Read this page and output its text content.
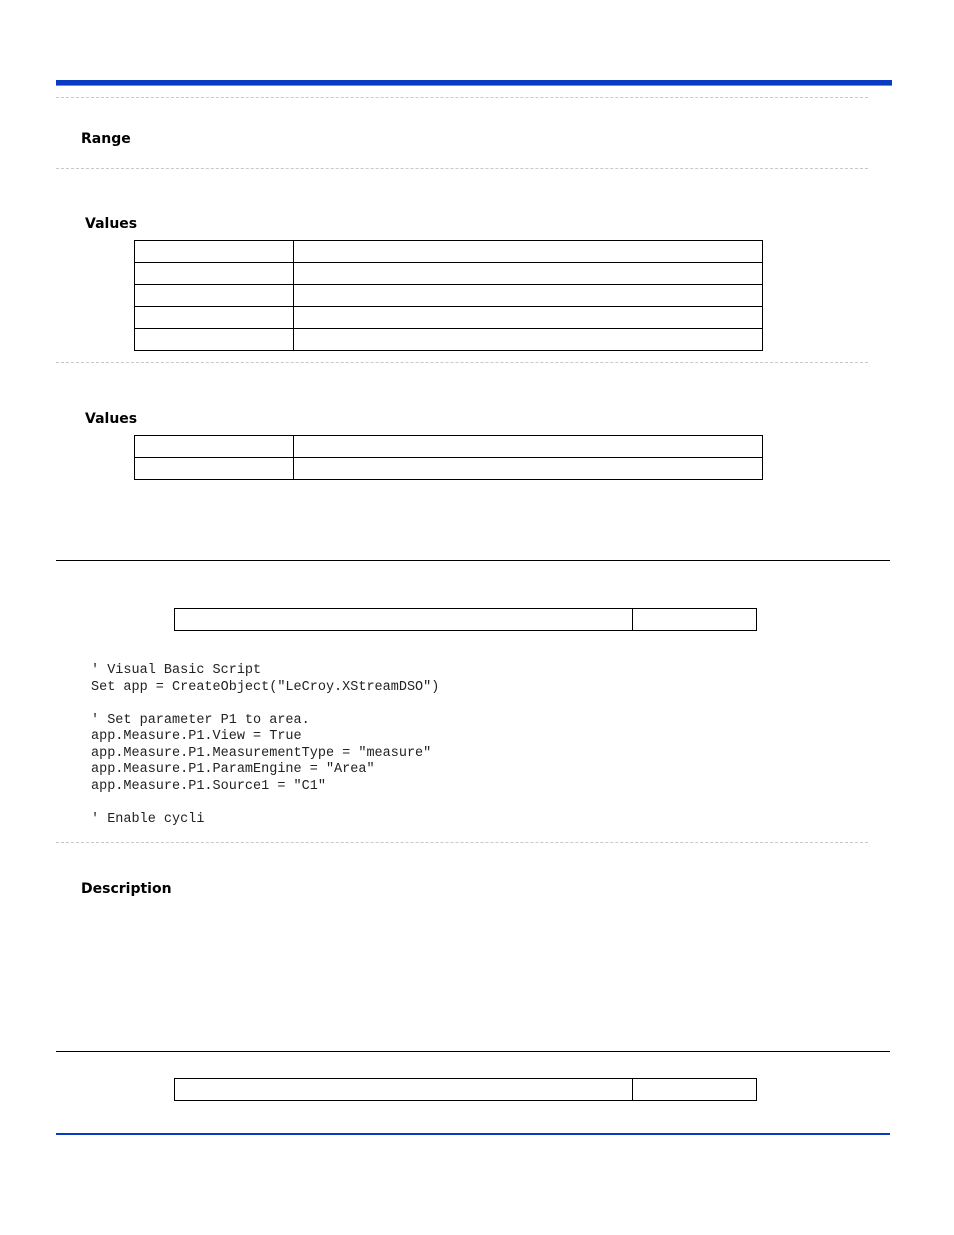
Range
Values

Values

' Visual Basic Script
Set app = CreateObject("LeCroy.XStreamDSO")
' Set parameter P1 to area.
app.Measure.P1.View = True
app.Measure.P1.MeasurementType = "measure"
app.Measure.P1.ParamEngine = "Area"
app.Measure.P1.Source1 = "C1"
' Enable cycli
Description
